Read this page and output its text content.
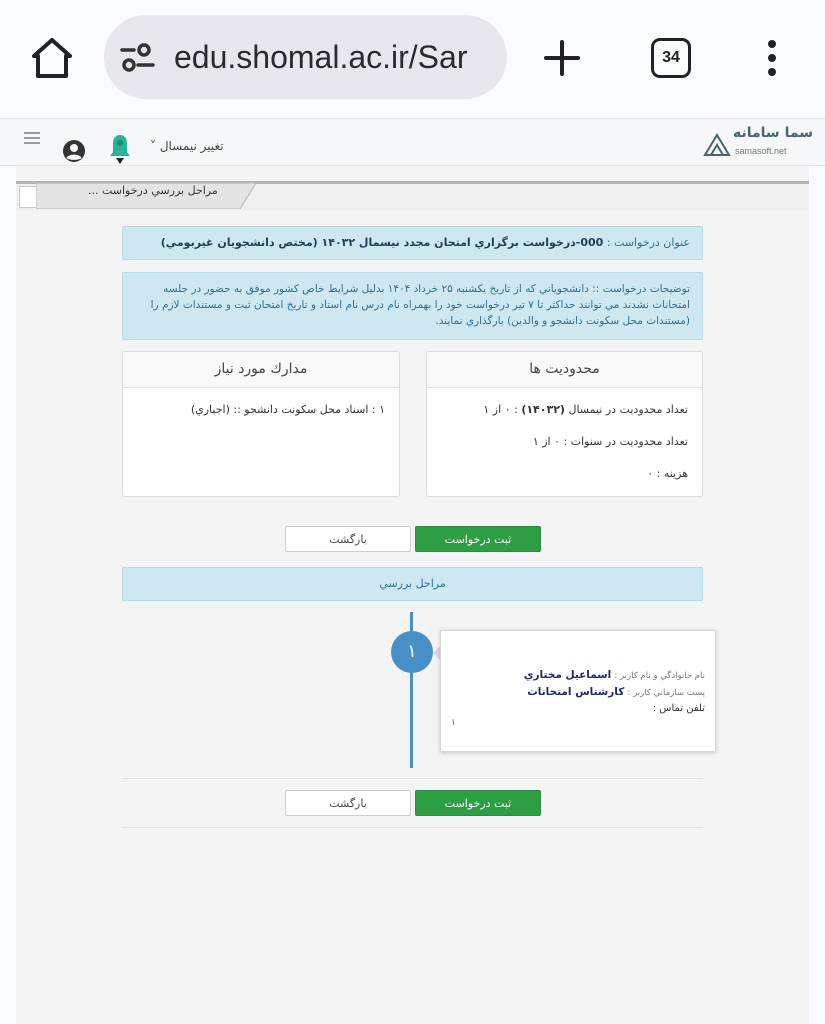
edu.shomal.ac.ir/Sar	34
تغيير نيمسال ˅
سما سامانه
samasoft.net
مراحل بررسي درخواست ...
عنوان درخواست : 000-درخواست برگزاري امتحان مجدد نيسمال ۱۴۰۳۲ (مختص دانشجويان غيربومي)
توضيحات درخواست :: دانشجوياني كه از تاريخ يكشنبه ۲۵ خرداد ۱۴۰۴ بدليل شرايط خاص كشور موفق به حضور در جلسه امتحانات نشدند مي توانند حداكثر تا ۷ تير درخواست خود را بهمراه نام درس نام استاد و تاريخ امتحان ثبت و مستندات لازم را (مستندات محل سكونت دانشجو و والدين) بارگذاري نمايند.
محدوديت ها
تعداد محدوديت در نيمسال (۱۴۰۳۲) : ۰ از ۱
تعداد محدوديت در سنوات : ۰ از ۱
هزينه : ۰
مدارك مورد نياز
۱ : اسناد محل سكونت دانشجو :: (اجباري)
ثبت درخواست
بازگشت
مراحل بررسي
۱
نام خانوادگي و نام كاربر : اسماعيل مختاري
پست سازماني كاربر : كارشناس امتحانات
تلفن تماس :
۱
ثبت درخواست
بازگشت
